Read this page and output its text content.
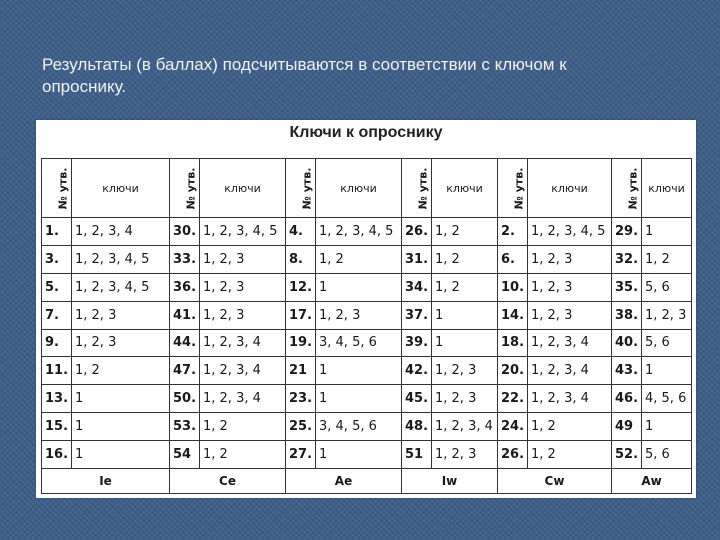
Результаты (в баллах) подсчитываются в соответствии с ключом к опроснику.
Ключи к опроснику
№ утв.	ключи	№ утв.	ключи	№ утв.	ключи	№ утв.	ключи	№ утв.	ключи	№ утв.	ключи
1.	1, 2, 3, 4	30.	1, 2, 3, 4, 5	4.	1, 2, 3, 4, 5	26.	1, 2	2.	1, 2, 3, 4, 5	29.	1
3.	1, 2, 3, 4, 5	33.	1, 2, 3	8.	1, 2	31.	1, 2	6.	1, 2, 3	32.	1, 2
5.	1, 2, 3, 4, 5	36.	1, 2, 3	12.	1	34.	1, 2	10.	1, 2, 3	35.	5, 6
7.	1, 2, 3	41.	1, 2, 3	17.	1, 2, 3	37.	1	14.	1, 2, 3	38.	1, 2, 3
9.	1, 2, 3	44.	1, 2, 3, 4	19.	3, 4, 5, 6	39.	1	18.	1, 2, 3, 4	40.	5, 6
11.	1, 2	47.	1, 2, 3, 4	21	1	42.	1, 2, 3	20.	1, 2, 3, 4	43.	1
13.	1	50.	1, 2, 3, 4	23.	1	45.	1, 2, 3	22.	1, 2, 3, 4	46.	4, 5, 6
15.	1	53.	1, 2	25.	3, 4, 5, 6	48.	1, 2, 3, 4	24.	1, 2	49	1
16.	1	54	1, 2	27.	1	51	1, 2, 3	26.	1, 2	52.	5, 6
Ie		Ce		Ae		Iw		Cw		Aw	
